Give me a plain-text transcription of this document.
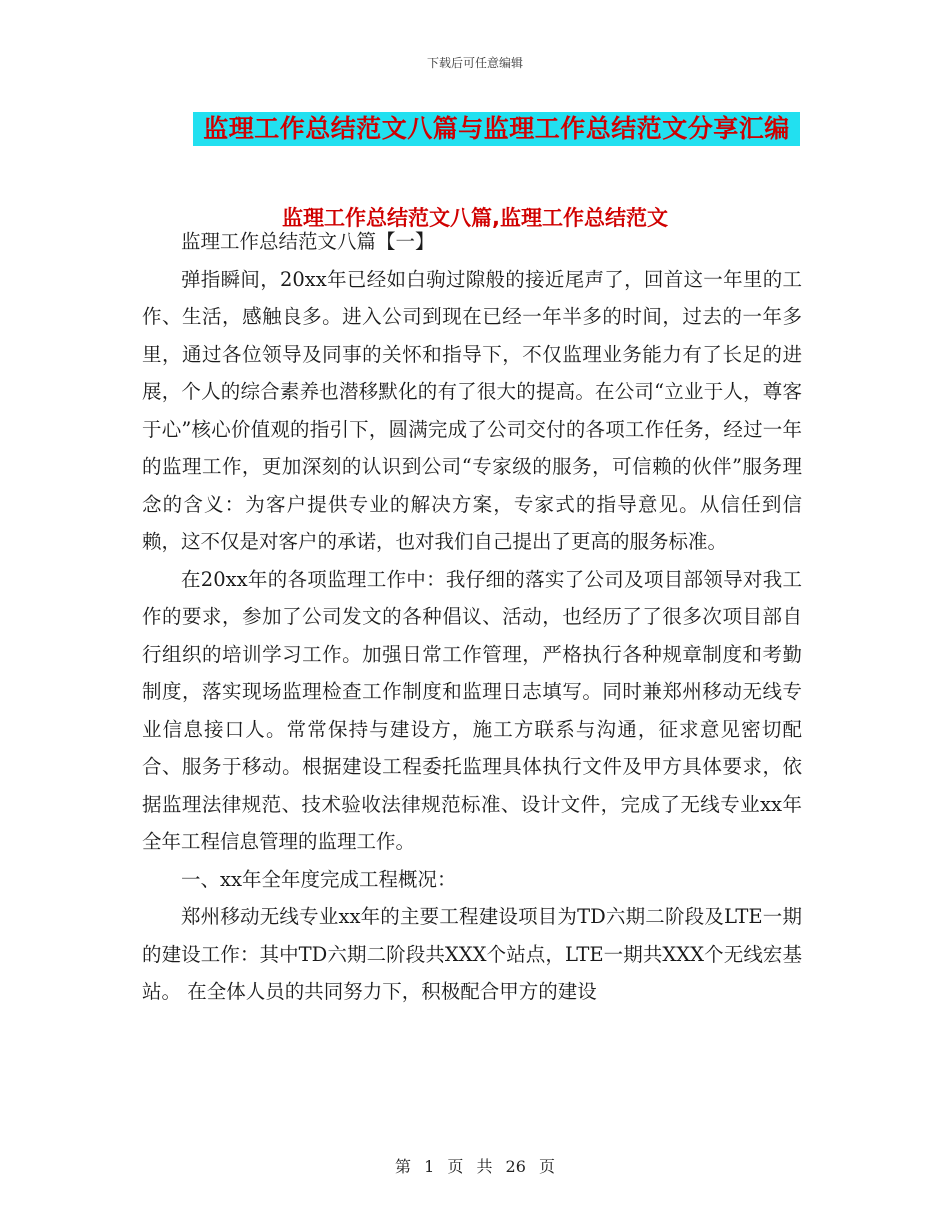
下载后可任意编辑
监理工作总结范文八篇与监理工作总结范文分享汇编
监理工作总结范文八篇,监理工作总结范文

监理工作总结范文八篇【一】

弹指瞬间，20xx年已经如白驹过隙般的接近尾声了，回首这一年里的工作、生活，感触良多。进入公司到现在已经一年半多的时间，过去的一年多里，通过各位领导及同事的关怀和指导下，不仅监理业务能力有了长足的进展，个人的综合素养也潜移默化的有了很大的提高。在公司“立业于人，尊客于心”核心价值观的指引下，圆满完成了公司交付的各项工作任务，经过一年的监理工作，更加深刻的认识到公司“专家级的服务，可信赖的伙伴”服务理念的含义：为客户提供专业的解决方案，专家式的指导意见。从信任到信赖，这不仅是对客户的承诺，也对我们自己提出了更高的服务标准。

在20xx年的各项监理工作中：我仔细的落实了公司及项目部领导对我工作的要求，参加了公司发文的各种倡议、活动，也经历了了很多次项目部自行组织的培训学习工作。加强日常工作管理，严格执行各种规章制度和考勤制度，落实现场监理检查工作制度和监理日志填写。同时兼郑州移动无线专业信息接口人。常常保持与建设方，施工方联系与沟通，征求意见密切配合、服务于移动。根据建设工程委托监理具体执行文件及甲方具体要求，依据监理法律规范、技术验收法律规范标准、设计文件，完成了无线专业xx年全年工程信息管理的监理工作。

一、xx年全年度完成工程概况：

郑州移动无线专业xx年的主要工程建设项目为TD六期二阶段及LTE一期的建设工作：其中TD六期二阶段共XXX个站点，LTE一期共XXX个无线宏基站。 在全体人员的共同努力下，积极配合甲方的建设

第 1 页 共 26 页
